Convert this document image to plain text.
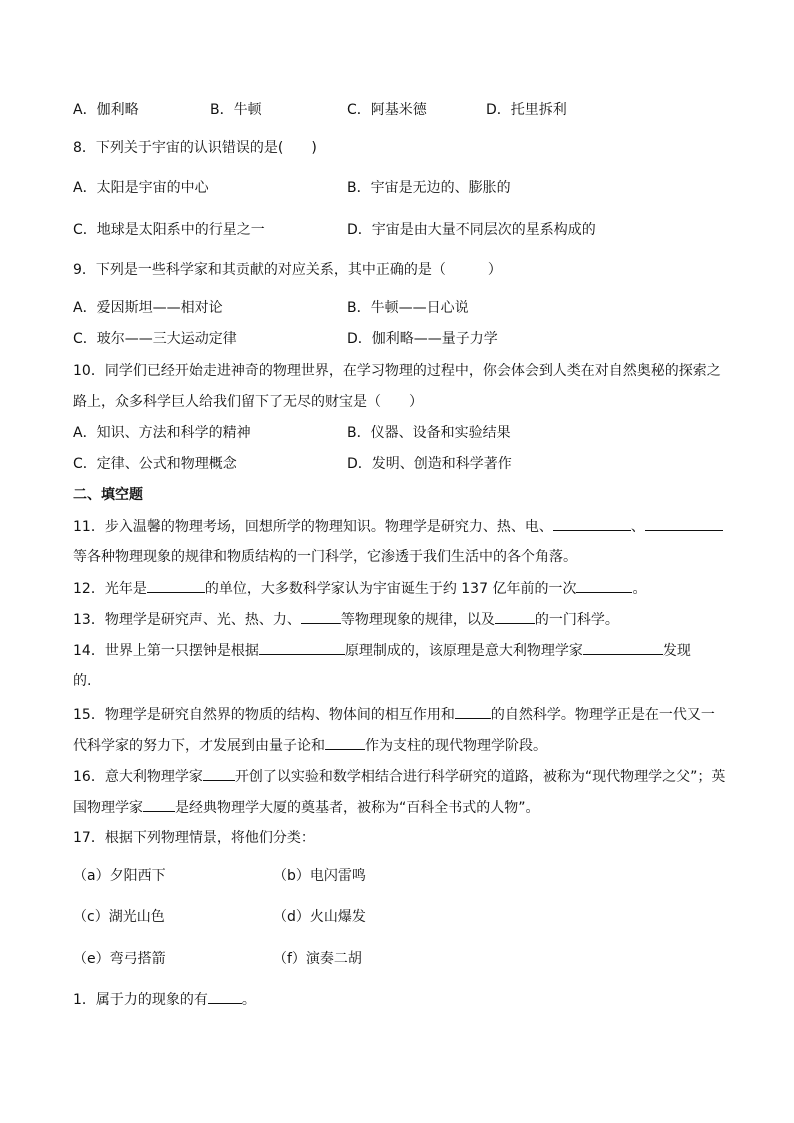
A．伽利略	B．牛顿	C．阿基米德	D．托里拆利
8．下列关于宇宙的认识错误的是(　　)
A．太阳是宇宙的中心	B．宇宙是无边的、膨胀的
C．地球是太阳系中的行星之一	D．宇宙是由大量不同层次的星系构成的
9．下列是一些科学家和其贡献的对应关系，其中正确的是（　　　）
A．爱因斯坦——相对论	B．牛顿——日心说
C．玻尔——三大运动定律	D．伽利略——量子力学
10．同学们已经开始走进神奇的物理世界，在学习物理的过程中，你会体会到人类在对自然奥秘的探索之
路上，众多科学巨人给我们留下了无尽的财宝是（　　）
A．知识、方法和科学的精神	B．仪器、设备和实验结果
C．定律、公式和物理概念	D．发明、创造和科学著作
二、填空题
11．步入温馨的物理考场，回想所学的物理知识。物理学是研究力、热、电、	、
等各种物理现象的规律和物质结构的一门科学，它渗透于我们生活中的各个角落。
12．光年是	的单位，大多数科学家认为宇宙诞生于约 137 亿年前的一次	。
13．物理学是研究声、光、热、力、	等物理现象的规律，以及	的一门科学。
14．世界上第一只摆钟是根据	原理制成的，该原理是意大利物理学家	发现
的.
15．物理学是研究自然界的物质的结构、物体间的相互作用和	的自然科学。物理学正是在一代又一
代科学家的努力下，才发展到由量子论和	作为支柱的现代物理学阶段。
16．意大利物理学家 开创了以实验和数学相结合进行科学研究的道路，被称为“现代物理学之父”；英
国物理学家 是经典物理学大厦的奠基者，被称为“百科全书式的人物”。
17．根据下列物理情景，将他们分类：
（a）夕阳西下	（b）电闪雷鸣
（c）湖光山色	（d）火山爆发
（e）弯弓搭箭	（f）演奏二胡
1．属于力的现象的有 。
